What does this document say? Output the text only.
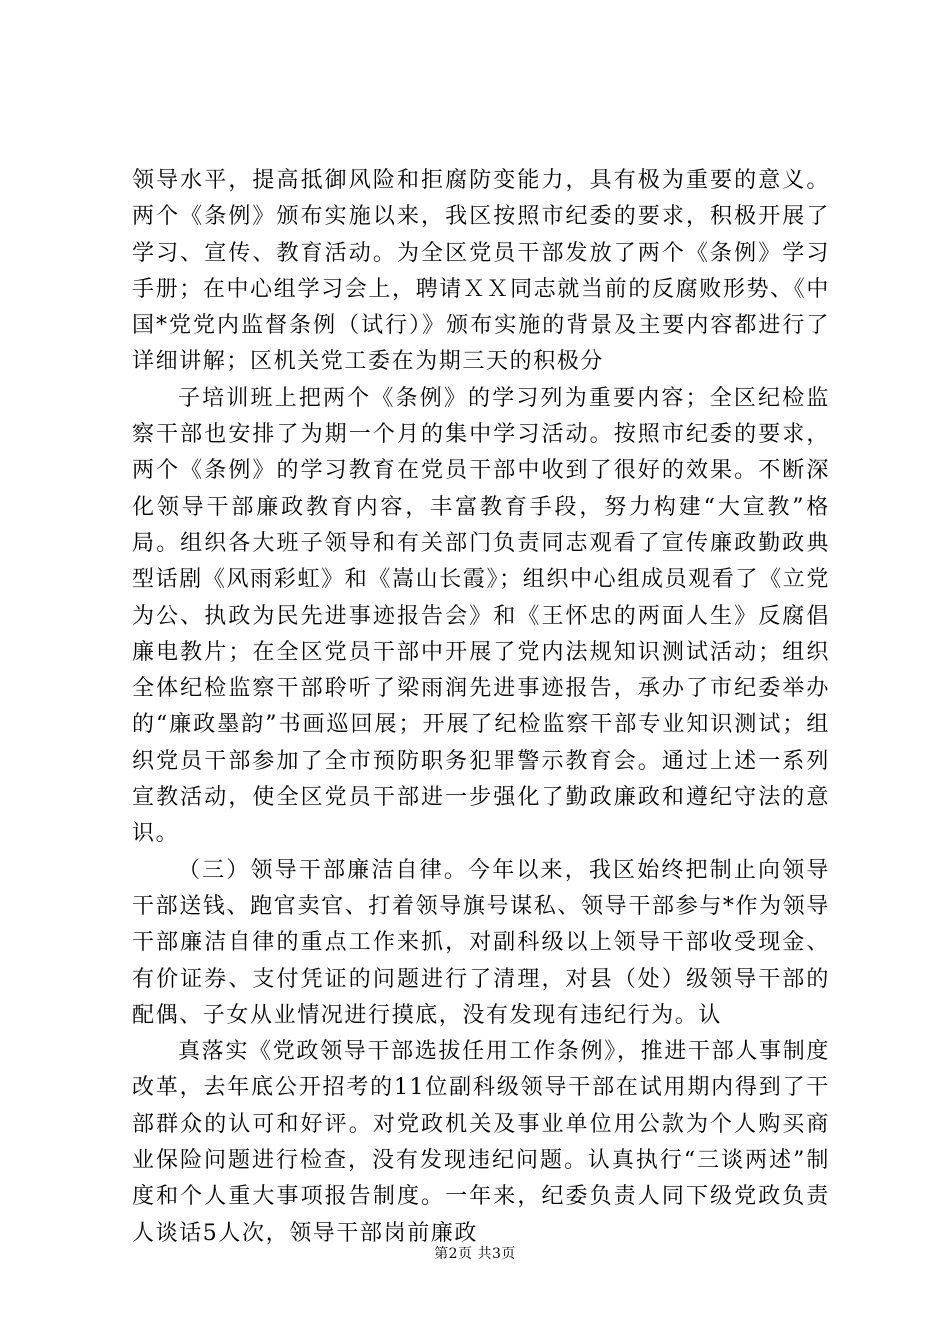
领导水平，提高抵御风险和拒腐防变能力，具有极为重要的意义。两个《条例》颁布实施以来，我区按照市纪委的要求，积极开展了学习、宣传、教育活动。为全区党员干部发放了两个《条例》学习手册；在中心组学习会上，聘请ＸＸ同志就当前的反腐败形势、《中国*党党内监督条例（试行）》颁布实施的背景及主要内容都进行了详细讲解；区机关党工委在为期三天的积极分

子培训班上把两个《条例》的学习列为重要内容；全区纪检监察干部也安排了为期一个月的集中学习活动。按照市纪委的要求，两个《条例》的学习教育在党员干部中收到了很好的效果。不断深化领导干部廉政教育内容，丰富教育手段，努力构建“大宣教”格局。组织各大班子领导和有关部门负责同志观看了宣传廉政勤政典型话剧《风雨彩虹》和《嵩山长霞》；组织中心组成员观看了《立党为公、执政为民先进事迹报告会》和《王怀忠的两面人生》反腐倡廉电教片；在全区党员干部中开展了党内法规知识测试活动；组织全体纪检监察干部聆听了梁雨润先进事迹报告，承办了市纪委举办的“廉政墨韵”书画巡回展；开展了纪检监察干部专业知识测试；组织党员干部参加了全市预防职务犯罪警示教育会。通过上述一系列宣教活动，使全区党员干部进一步强化了勤政廉政和遵纪守法的意识。

（三）领导干部廉洁自律。今年以来，我区始终把制止向领导干部送钱、跑官卖官、打着领导旗号谋私、领导干部参与*作为领导干部廉洁自律的重点工作来抓，对副科级以上领导干部收受现金、有价证券、支付凭证的问题进行了清理，对县（处）级领导干部的配偶、子女从业情况进行摸底，没有发现有违纪行为。认

真落实《党政领导干部选拔任用工作条例》，推进干部人事制度改革，去年底公开招考的11位副科级领导干部在试用期内得到了干部群众的认可和好评。对党政机关及事业单位用公款为个人购买商业保险问题进行检查，没有发现违纪问题。认真执行“三谈两述”制度和个人重大事项报告制度。一年来，纪委负责人同下级党政负责人谈话5人次，领导干部岗前廉政

第2页 共3页
